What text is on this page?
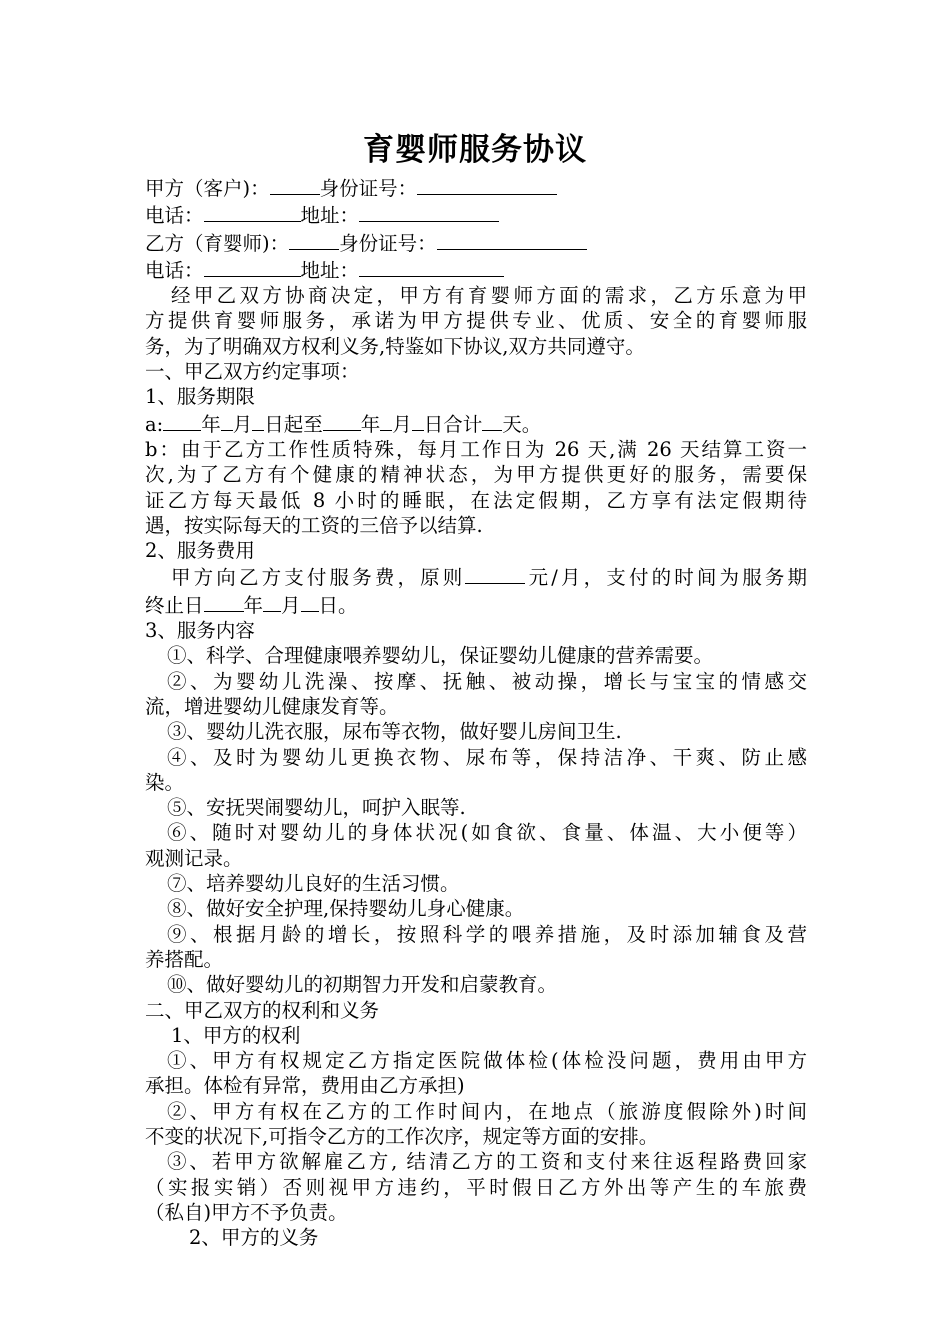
育婴师服务协议
甲方（客户)：	身份证号：
电话：	地址：
乙方（育婴师)：	身份证号：
电话：	地址：
经甲乙双方协商决定，甲方有育婴师方面的需求，乙方乐意为甲
方提供育婴师服务，承诺为甲方提供专业、优质、安全的育婴师服
务，为了明确双方权利义务,特鉴如下协议,双方共同遵守。
一、甲乙双方约定事项：
1、服务期限
a: 年 月 日起至 年 月 日合计 天。
b：由于乙方工作性质特殊，每月工作日为 26 天,满 26 天结算工资一
次,为了乙方有个健康的精神状态，为甲方提供更好的服务，需要保
证乙方每天最低 8 小时的睡眠，在法定假期，乙方享有法定假期待
遇，按实际每天的工资的三倍予以结算.
2、服务费用
甲方向乙方支付服务费，原则	元/月，支付的时间为服务期
终止日 年 月 日。
3、服务内容
①、科学、合理健康喂养婴幼儿，保证婴幼儿健康的营养需要。
②、为婴幼儿洗澡、按摩、抚触、被动操，增长与宝宝的情感交
流，增进婴幼儿健康发育等。
③、婴幼儿洗衣服，尿布等衣物，做好婴儿房间卫生.
④、及时为婴幼儿更换衣物、尿布等，保持洁净、干爽、防止感
染。
⑤、安抚哭闹婴幼儿，呵护入眠等.
⑥、随时对婴幼儿的身体状况(如食欲、食量、体温、大小便等）
观测记录。
⑦、培养婴幼儿良好的生活习惯。
⑧、做好安全护理,保持婴幼儿身心健康。
⑨、根据月龄的增长，按照科学的喂养措施，及时添加辅食及营
养搭配。
⑩、做好婴幼儿的初期智力开发和启蒙教育。
二、甲乙双方的权利和义务
1、甲方的权利
①、甲方有权规定乙方指定医院做体检(体检没问题，费用由甲方
承担。体检有异常，费用由乙方承担)
②、甲方有权在乙方的工作时间内，在地点（旅游度假除外)时间
不变的状况下,可指令乙方的工作次序，规定等方面的安排。
③、若甲方欲解雇乙方, 结清乙方的工资和支付来往返程路费回家
（实报实销）否则视甲方违约，平时假日乙方外出等产生的车旅费
（私自)甲方不予负责。
2、甲方的义务
